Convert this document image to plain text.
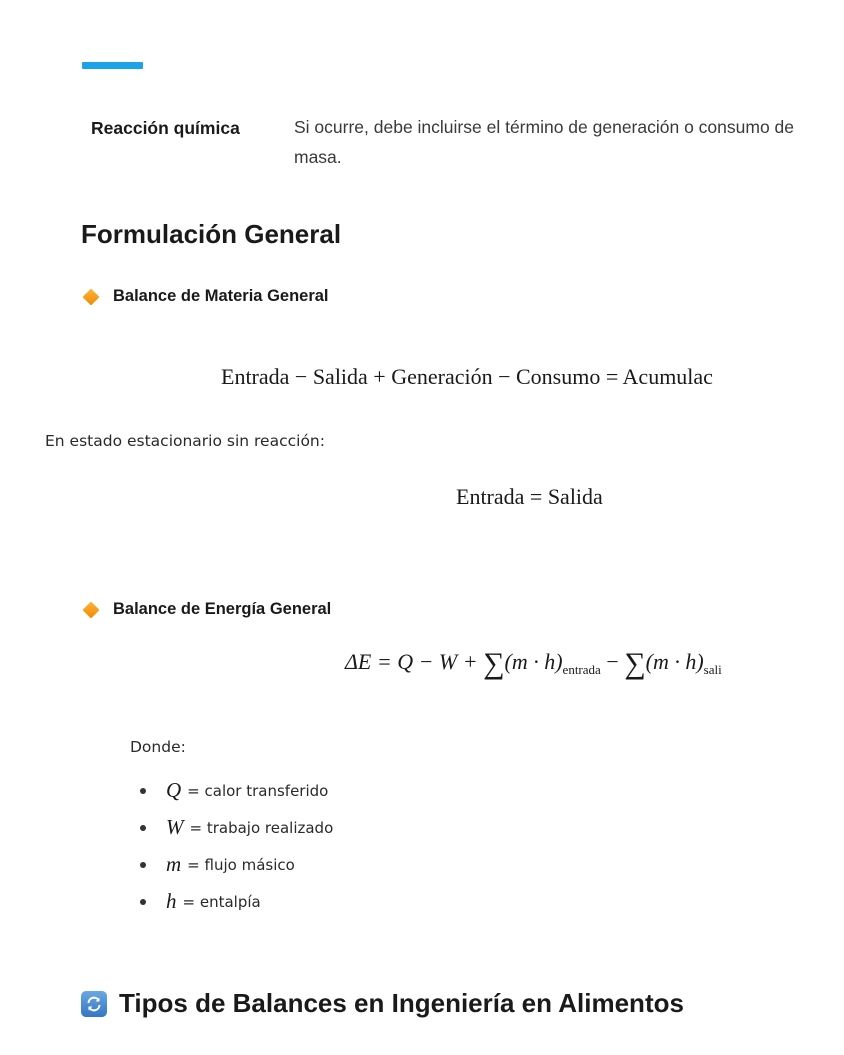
Reacción química	Si ocurre, debe incluirse el término de generación o consumo de masa.
Formulación General
Balance de Materia General
Entrada − Salida + Generación − Consumo = Acumulac
En estado estacionario sin reacción:
Entrada = Salida
Balance de Energía General
$\Delta E = Q - W + \sum(m \cdot h)_{entrada} - \sum(m \cdot h)_{sali}$
Donde:
Q = calor transferido
W = trabajo realizado
m = flujo másico
h = entalpía
Tipos de Balances en Ingeniería en Alimentos
